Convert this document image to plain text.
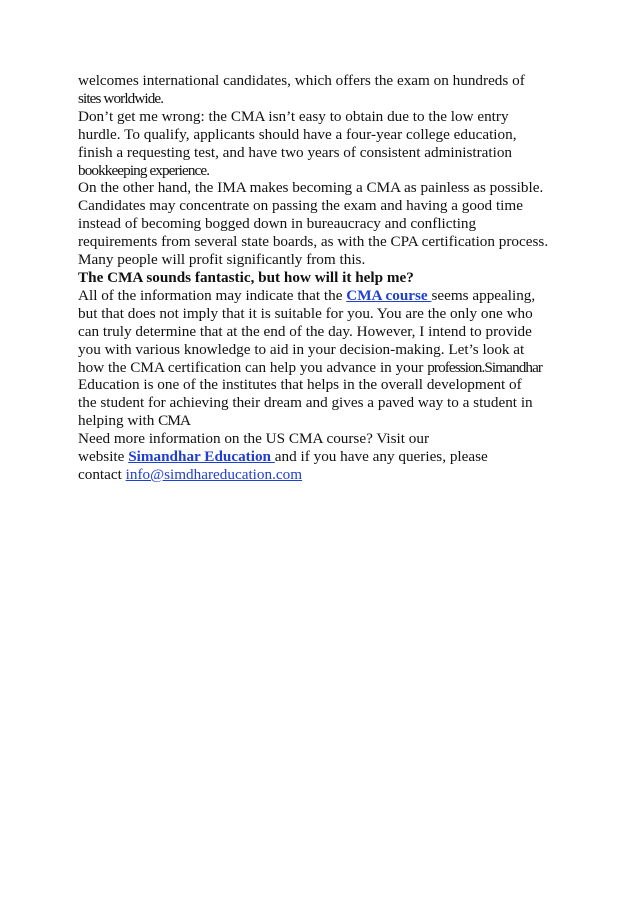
welcomes international candidates, which offers the exam on hundreds of
sites worldwide.
Don’t get me wrong: the CMA isn’t easy to obtain due to the low entry
hurdle. To qualify, applicants should have a four-year college education,
finish a requesting test, and have two years of consistent administration
bookkeeping experience.
On the other hand, the IMA makes becoming a CMA as painless as possible.
Candidates may concentrate on passing the exam and having a good time
instead of becoming bogged down in bureaucracy and conflicting
requirements from several state boards, as with the CPA certification process.
Many people will profit significantly from this.
The CMA sounds fantastic, but how will it help me?
All of the information may indicate that the CMA course seems appealing,
but that does not imply that it is suitable for you. You are the only one who
can truly determine that at the end of the day. However, I intend to provide
you with various knowledge to aid in your decision-making. Let’s look at
how the CMA certification can help you advance in your profession.Simandhar
Education is one of the institutes that helps in the overall development of
the student for achieving their dream and gives a paved way to a student in
helping with CMA
Need more information on the US CMA course? Visit our
website Simandhar Education and if you have any queries, please
contact info@simdhareducation.com
